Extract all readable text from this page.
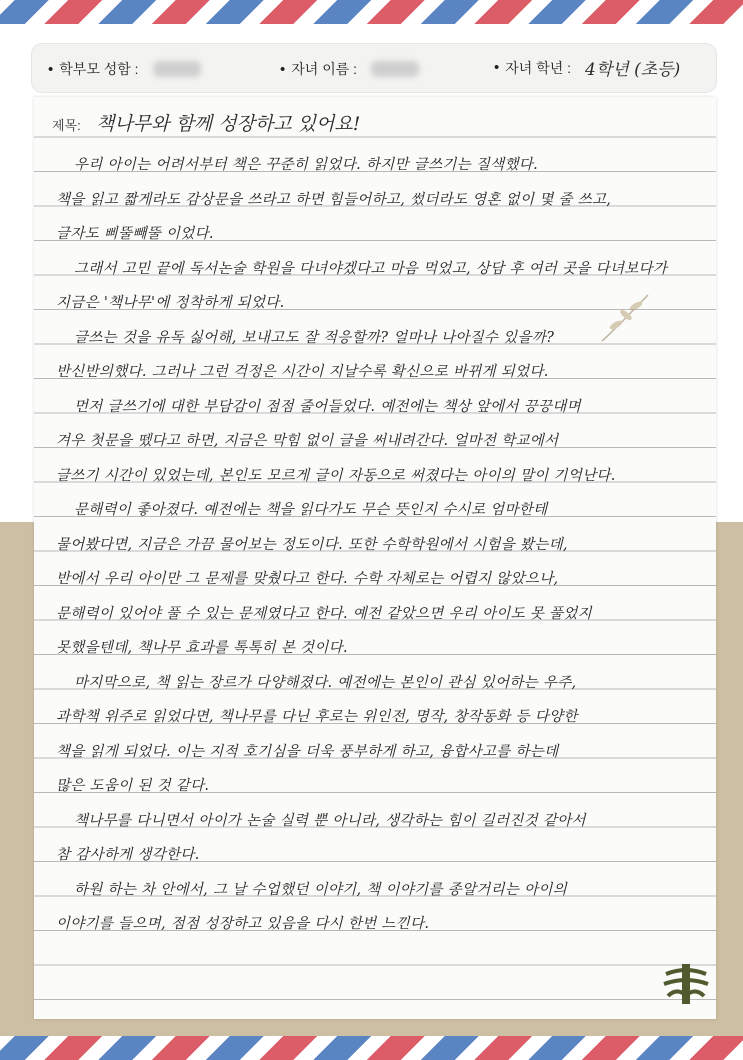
• 학부모 성함 :	• 자녀 이름 :	• 자녀 학년 : 4학년 (초등)
제목: 책나무와 함께 성장하고 있어요!
우리 아이는 어려서부터 책은 꾸준히 읽었다. 하지만 글쓰기는 질색했다.
책을 읽고 짧게라도 감상문을 쓰라고 하면 힘들어하고, 썼더라도 영혼 없이 몇 줄 쓰고,
글자도 삐뚤빼뚤 이었다.
그래서 고민 끝에 독서논술 학원을 다녀야겠다고 마음 먹었고, 상담 후 여러 곳을 다녀보다가
지금은 '책나무'에 정착하게 되었다.
글쓰는 것을 유독 싫어해, 보내고도 잘 적응할까? 얼마나 나아질수 있을까?
반신반의했다. 그러나 그런 걱정은 시간이 지날수록 확신으로 바뀌게 되었다.
먼저 글쓰기에 대한 부담감이 점점 줄어들었다. 예전에는 책상 앞에서 끙끙대며
겨우 첫문을 뗐다고 하면, 지금은 막힘 없이 글을 써내려간다. 얼마전 학교에서
글쓰기 시간이 있었는데, 본인도 모르게 글이 자동으로 써졌다는 아이의 말이 기억난다.
문해력이 좋아졌다. 예전에는 책을 읽다가도 무슨 뜻인지 수시로 엄마한테
물어봤다면, 지금은 가끔 물어보는 정도이다. 또한 수학학원에서 시험을 봤는데,
반에서 우리 아이만 그 문제를 맞췄다고 한다. 수학 자체로는 어렵지 않았으나,
문해력이 있어야 풀 수 있는 문제였다고 한다. 예전 같았으면 우리 아이도 못 풀었지
못했을텐데, 책나무 효과를 톡톡히 본 것이다.
마지막으로, 책 읽는 장르가 다양해졌다. 예전에는 본인이 관심 있어하는 우주,
과학책 위주로 읽었다면, 책나무를 다닌 후로는 위인전, 명작, 창작동화 등 다양한
책을 읽게 되었다. 이는 지적 호기심을 더욱 풍부하게 하고, 융합사고를 하는데
많은 도움이 된 것 같다.
책나무를 다니면서 아이가 논술 실력 뿐 아니라, 생각하는 힘이 길러진것 같아서
참 감사하게 생각한다.
하원 하는 차 안에서, 그 날 수업했던 이야기, 책 이야기를 종알거리는 아이의
이야기를 들으며, 점점 성장하고 있음을 다시 한번 느낀다.
